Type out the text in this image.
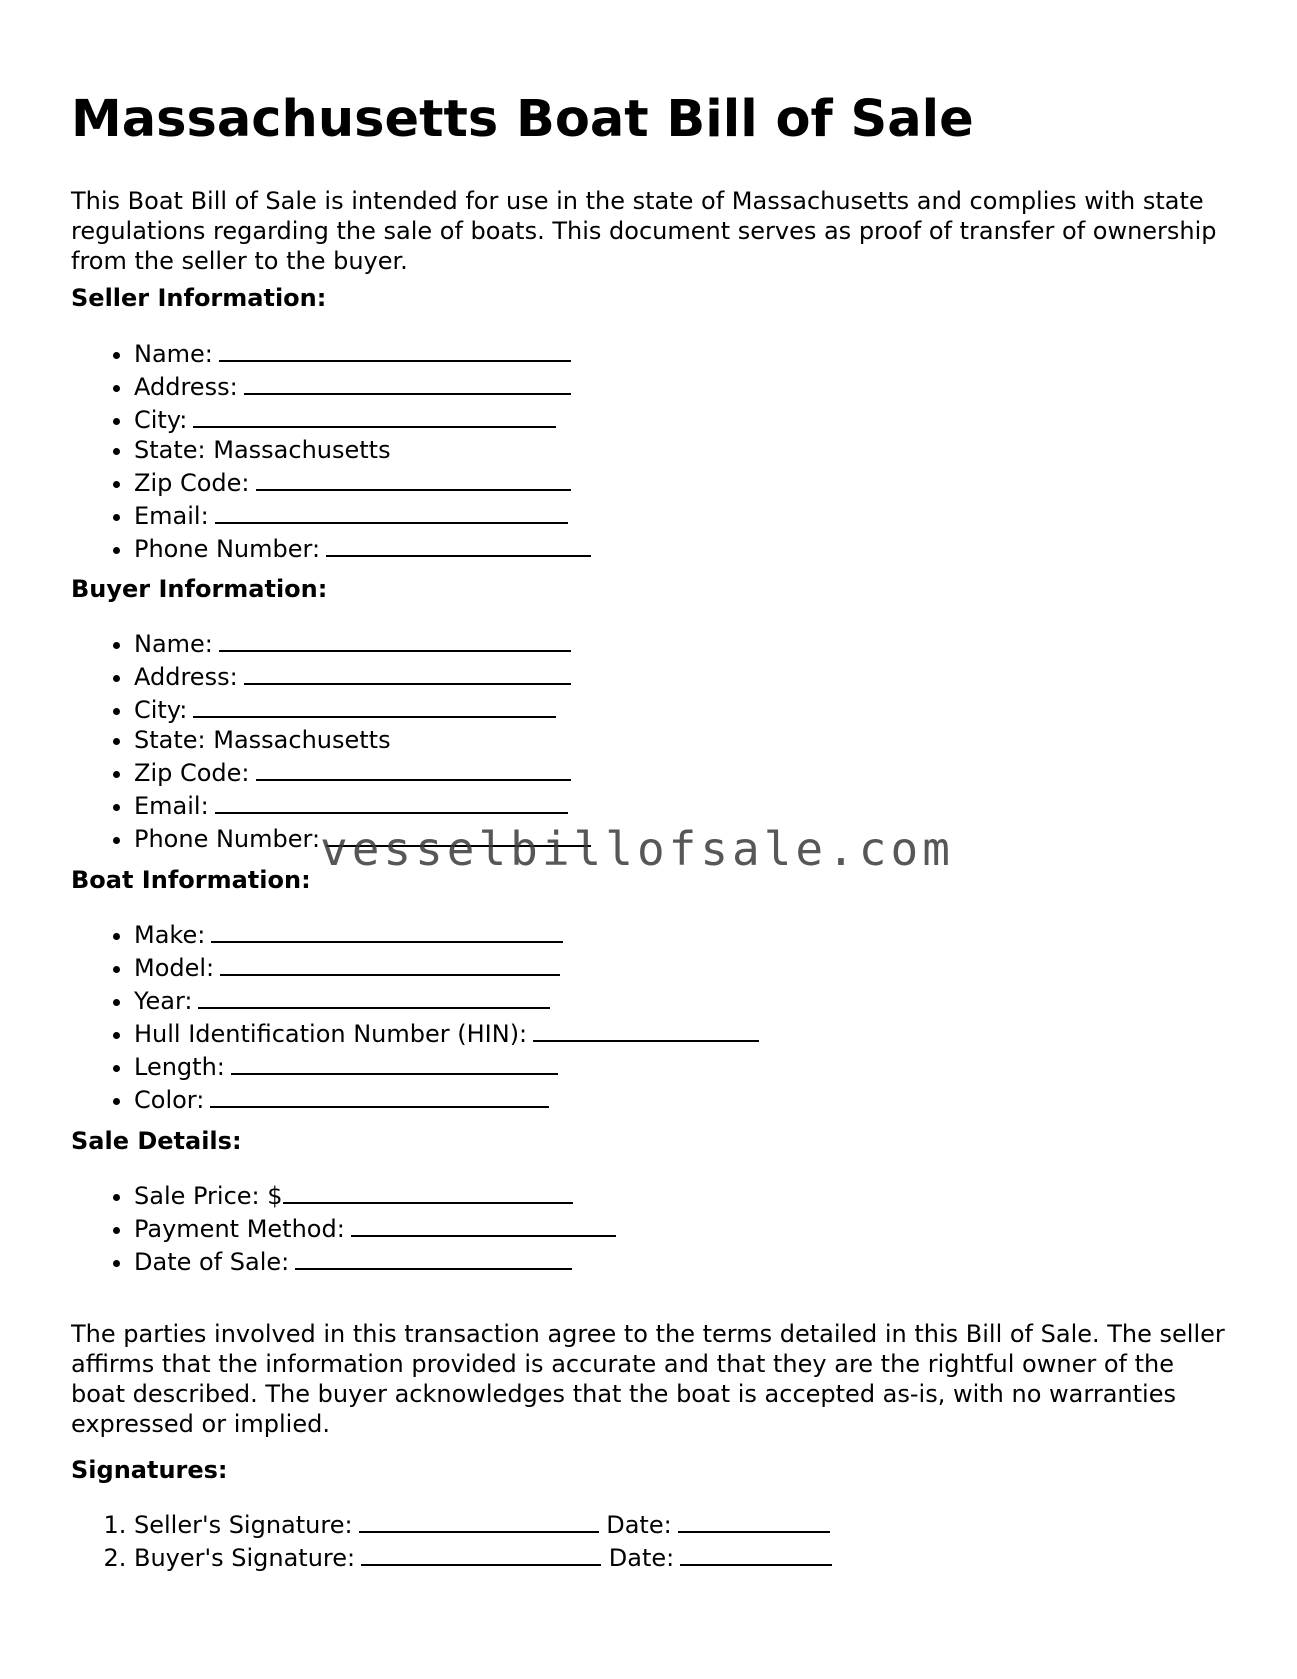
Massachusetts Boat Bill of Sale

This Boat Bill of Sale is intended for use in the state of Massachusetts and complies with state regulations regarding the sale of boats. This document serves as proof of transfer of ownership from the seller to the buyer.

Seller Information:

• Name:
• Address:
• City:
• State: Massachusetts
• Zip Code:
• Email:
• Phone Number:

Buyer Information:

• Name:
• Address:
• City:
• State: Massachusetts
• Zip Code:
• Email:
• Phone Number:

Boat Information:

• Make:
• Model:
• Year:
• Hull Identification Number (HIN):
• Length:
• Color:

Sale Details:

• Sale Price: $
• Payment Method:
• Date of Sale:

The parties involved in this transaction agree to the terms detailed in this Bill of Sale. The seller affirms that the information provided is accurate and that they are the rightful owner of the boat described. The buyer acknowledges that the boat is accepted as-is, with no warranties expressed or implied.

Signatures:

1. Seller's Signature:	Date:
2. Buyer's Signature:	Date:
vesselbillofsale.com
